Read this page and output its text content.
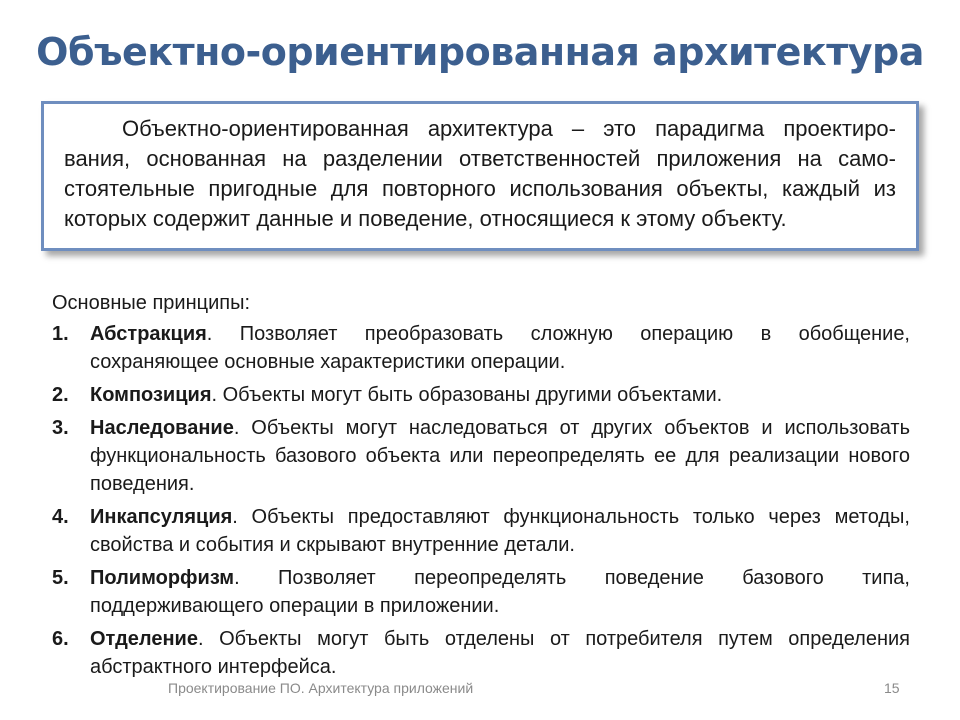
Объектно-ориентированная архитектура

Объектно-ориентированная архитектура – это парадигма проектиро-вания, основанная на разделении ответственностей приложения на само-стоятельные пригодные для повторного использования объекты, каждый из которых содержит данные и поведение, относящиеся к этому объекту.

Основные принципы:

1.	Абстракция. Позволяет преобразовать сложную операцию в обобщение, сохраняющее основные характеристики операции.
2.	Композиция. Объекты могут быть образованы другими объектами.
3.	Наследование. Объекты могут наследоваться от других объектов и использовать функциональность базового объекта или переопределять ее для реализации нового поведения.
4.	Инкапсуляция. Объекты предоставляют функциональность только через методы, свойства и события и скрывают внутренние детали.
5.	Полиморфизм. Позволяет переопределять поведение базового типа, поддерживающего операции в приложении.
6.	Отделение. Объекты могут быть отделены от потребителя путем определения абстрактного интерфейса.
Проектирование ПО. Архитектура приложений	15
